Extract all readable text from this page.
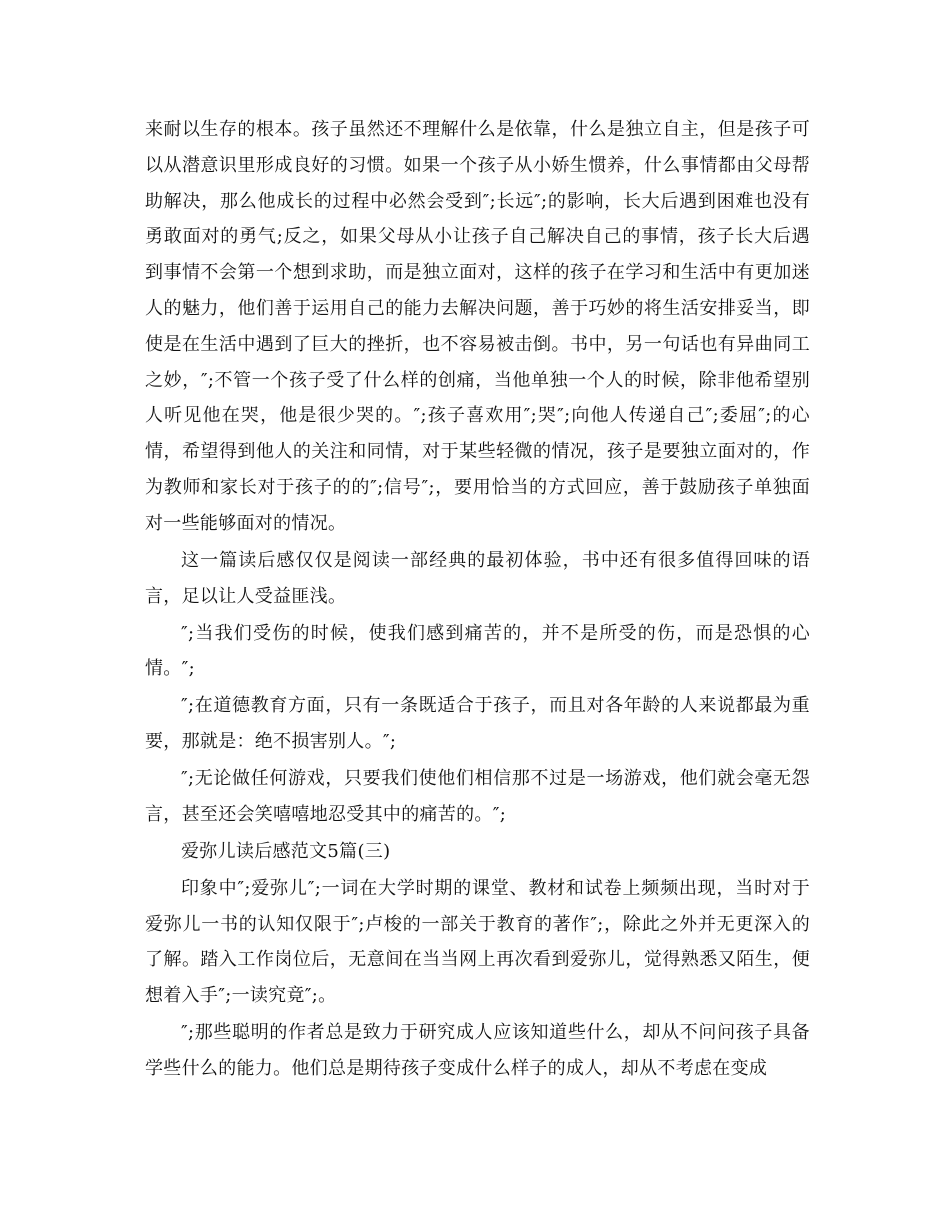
来耐以生存的根本。孩子虽然还不理解什么是依靠，什么是独立自主，但是孩子可以从潜意识里形成良好的习惯。如果一个孩子从小娇生惯养，什么事情都由父母帮助解决，那么他成长的过程中必然会受到″;长远″;的影响，长大后遇到困难也没有勇敢面对的勇气;反之，如果父母从小让孩子自己解决自己的事情，孩子长大后遇到事情不会第一个想到求助，而是独立面对，这样的孩子在学习和生活中有更加迷人的魅力，他们善于运用自己的能力去解决问题，善于巧妙的将生活安排妥当，即使是在生活中遇到了巨大的挫折，也不容易被击倒。书中，另一句话也有异曲同工之妙，″;不管一个孩子受了什么样的创痛，当他单独一个人的时候，除非他希望别人听见他在哭，他是很少哭的。″;孩子喜欢用″;哭″;向他人传递自己″;委屈″;的心情，希望得到他人的关注和同情，对于某些轻微的情况，孩子是要独立面对的，作为教师和家长对于孩子的的″;信号″;，要用恰当的方式回应，善于鼓励孩子单独面对一些能够面对的情况。

这一篇读后感仅仅是阅读一部经典的最初体验，书中还有很多值得回味的语言，足以让人受益匪浅。

″;当我们受伤的时候，使我们感到痛苦的，并不是所受的伤，而是恐惧的心情。″;

″;在道德教育方面，只有一条既适合于孩子，而且对各年龄的人来说都最为重要，那就是：绝不损害别人。″;

″;无论做任何游戏，只要我们使他们相信那不过是一场游戏，他们就会毫无怨言，甚至还会笑嘻嘻地忍受其中的痛苦的。″;

爱弥儿读后感范文5篇(三)

印象中″;爱弥儿″;一词在大学时期的课堂、教材和试卷上频频出现，当时对于爱弥儿一书的认知仅限于″;卢梭的一部关于教育的著作″;，除此之外并无更深入的了解。踏入工作岗位后，无意间在当当网上再次看到爱弥儿，觉得熟悉又陌生，便想着入手″;一读究竟″;。

″;那些聪明的作者总是致力于研究成人应该知道些什么，却从不问问孩子具备学些什么的能力。他们总是期待孩子变成什么样子的成人，却从不考虑在变成
